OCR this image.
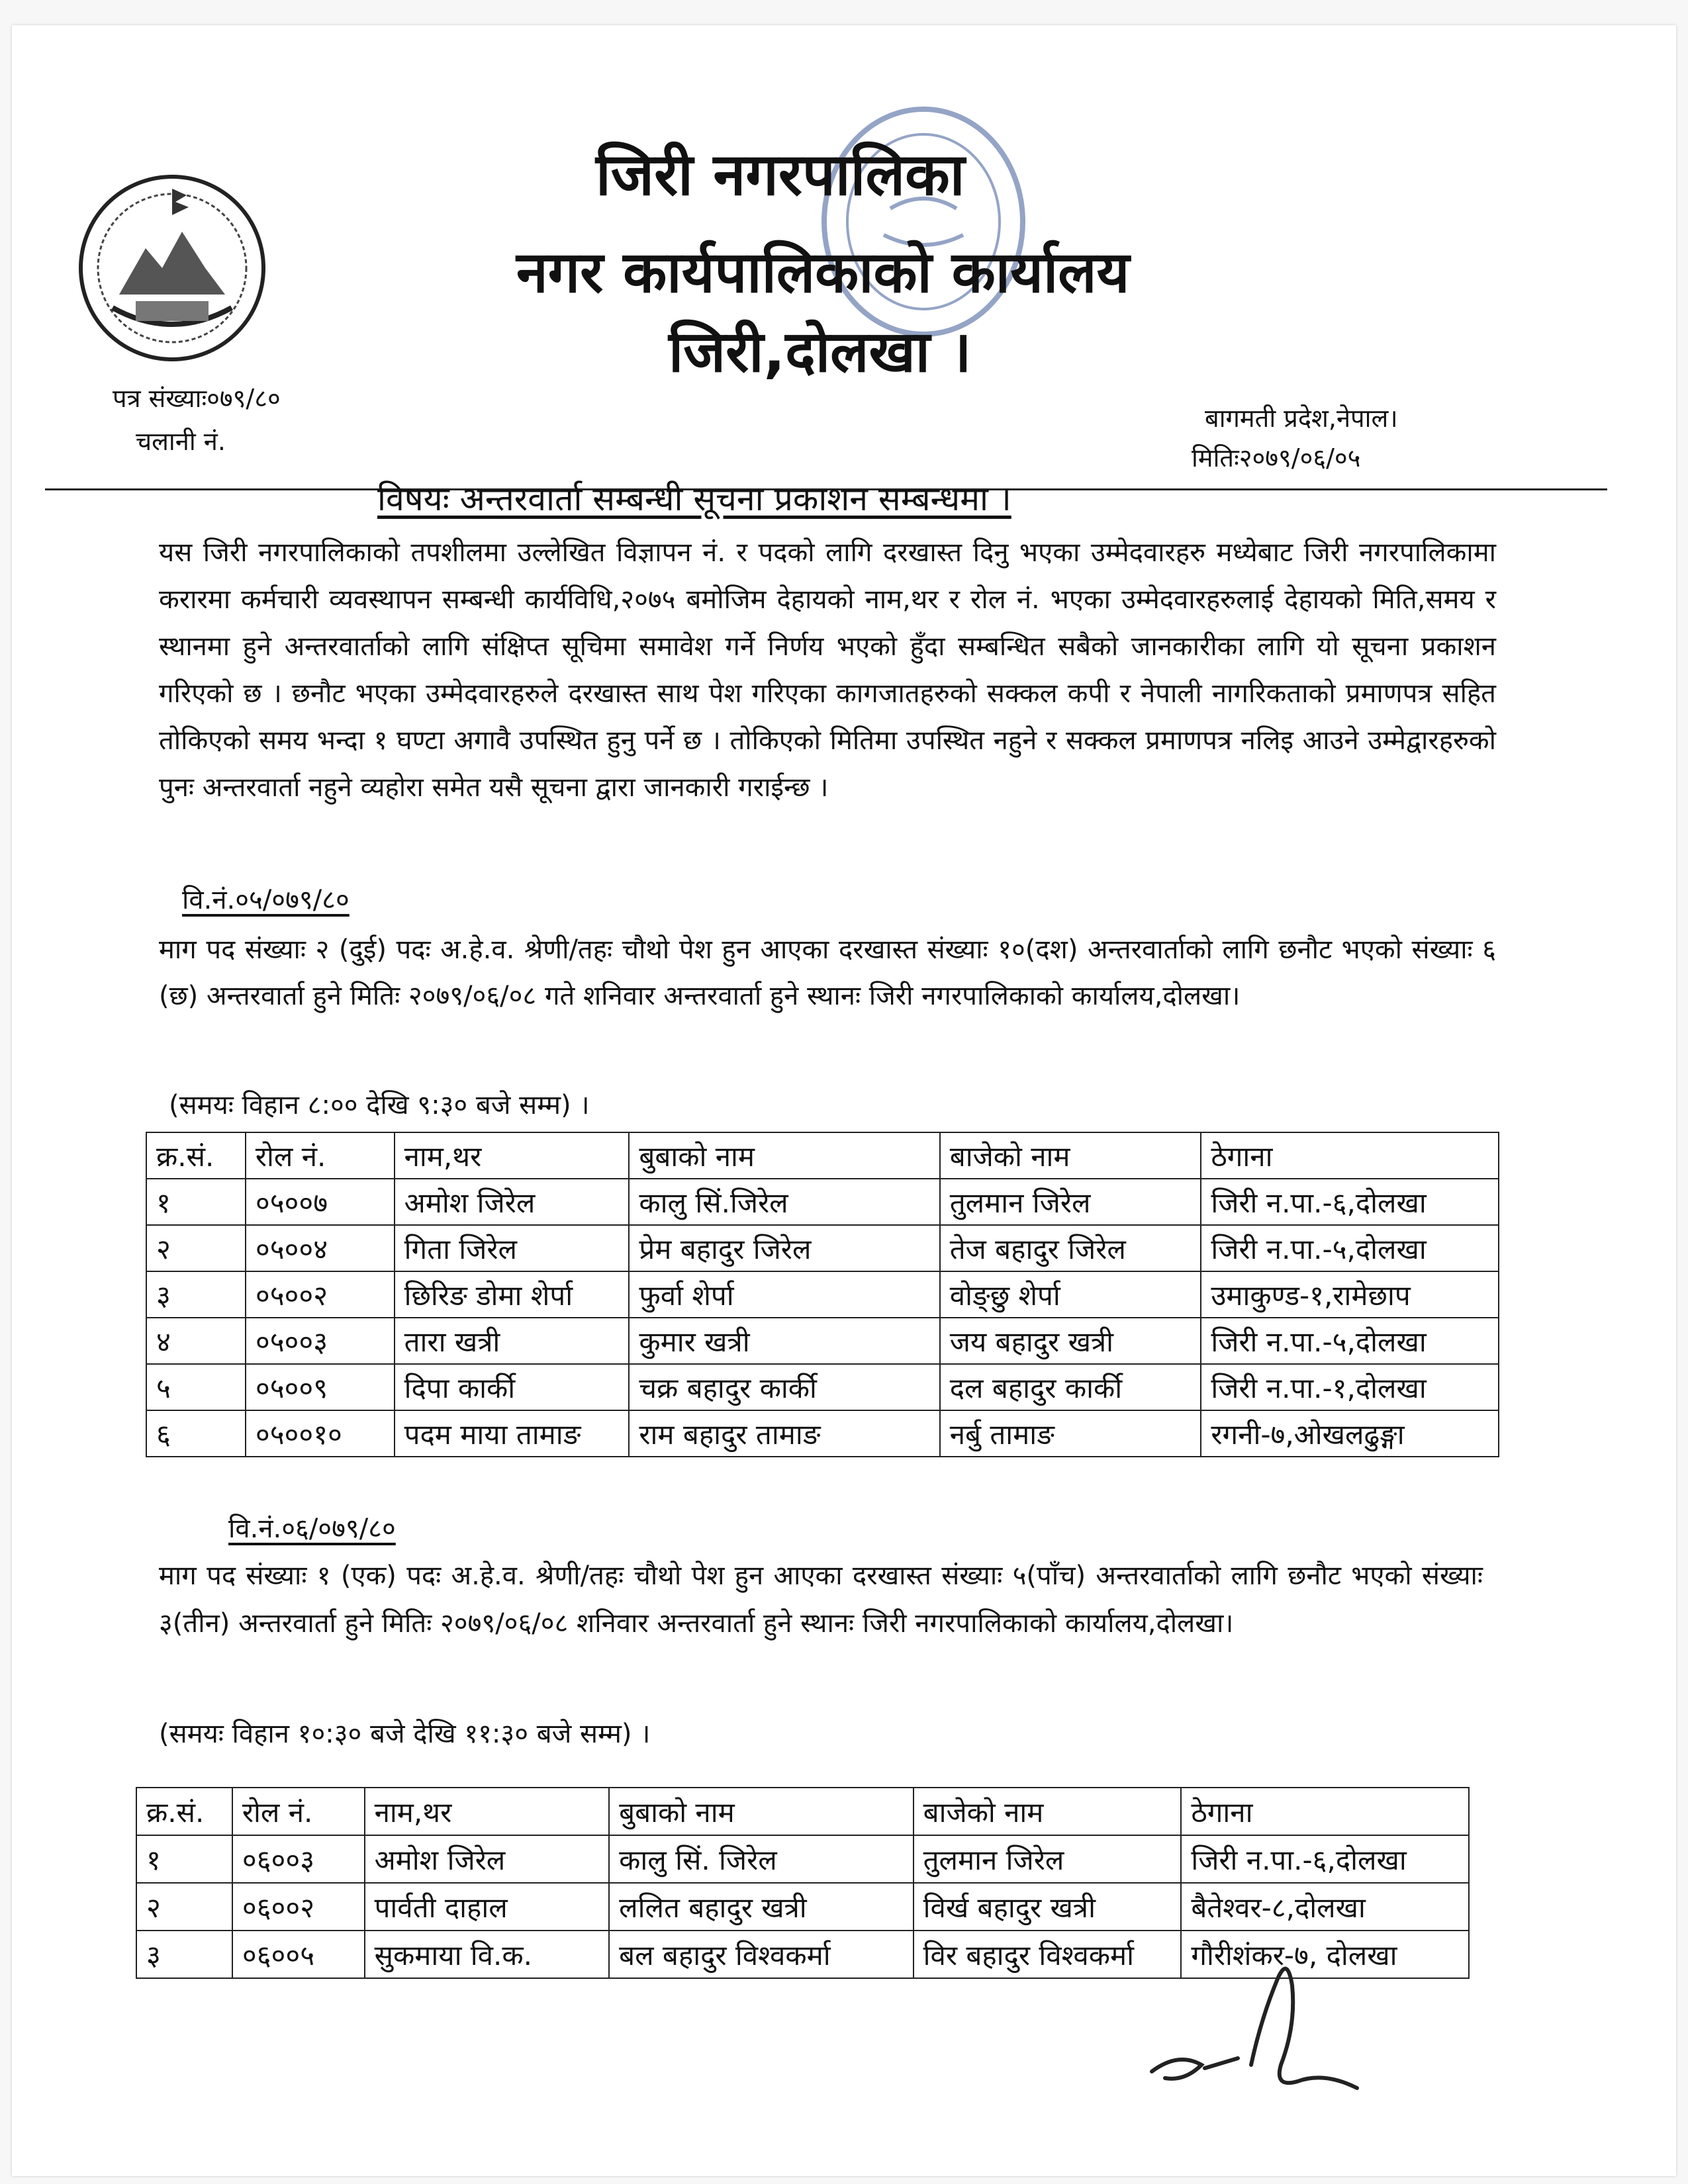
जिरी नगरपालिका
नगर कार्यपालिकाको कार्यालय
जिरी,दोलखा ।
पत्र संख्याः०७९/८०
चलानी नं.
बागमती प्रदेश,नेपाल।
मितिः२०७९/०६/०५
विषयः अन्तरवार्ता सम्बन्धी सूचना प्रकाशन सम्बन्धमा ।
यस जिरी नगरपालिकाको तपशीलमा उल्लेखित विज्ञापन नं. र पदको लागि दरखास्त दिनु भएका उम्मेदवारहरु मध्येबाट जिरी नगरपालिकामा करारमा कर्मचारी व्यवस्थापन सम्बन्धी कार्यविधि,२०७५ बमोजिम देहायको नाम,थर र रोल नं. भएका उम्मेदवारहरुलाई देहायको मिति,समय र स्थानमा हुने अन्तरवार्ताको लागि संक्षिप्त सूचिमा समावेश गर्ने निर्णय भएको हुँदा सम्बन्धित सबैको जानकारीका लागि यो सूचना प्रकाशन गरिएको छ । छनौट भएका उम्मेदवारहरुले दरखास्त साथ पेश गरिएका कागजातहरुको सक्कल कपी र नेपाली नागरिकताको प्रमाणपत्र सहित तोकिएको समय भन्दा १ घण्टा अगावै उपस्थित हुनु पर्ने छ । तोकिएको मितिमा उपस्थित नहुने र सक्कल प्रमाणपत्र नलिइ आउने उम्मेद्वारहरुको पुनः अन्तरवार्ता नहुने व्यहोरा समेत यसै सूचना द्वारा जानकारी गराईन्छ ।
वि.नं.०५/०७९/८०
माग पद संख्याः २ (दुई) पदः अ.हे.व. श्रेणी/तहः चौथो पेश हुन आएका दरखास्त संख्याः १०(दश) अन्तरवार्ताको लागि छनौट भएको संख्याः ६ (छ) अन्तरवार्ता हुने मितिः २०७९/०६/०८ गते शनिवार अन्तरवार्ता हुने स्थानः जिरी नगरपालिकाको कार्यालय,दोलखा।
(समयः विहान ८:०० देखि ९:३० बजे सम्म) ।
क्र.सं.	रोल नं.	नाम,थर	बुबाको नाम	बाजेको नाम	ठेगाना
१	०५००७	अमोश जिरेल	कालु सिं.जिरेल	तुलमान जिरेल	जिरी न.पा.-६,दोलखा
२	०५००४	गिता जिरेल	प्रेम बहादुर जिरेल	तेज बहादुर जिरेल	जिरी न.पा.-५,दोलखा
३	०५००२	छिरिङ डोमा शेर्पा	फुर्वा शेर्पा	वोङ्छु शेर्पा	उमाकुण्ड-१,रामेछाप
४	०५००३	तारा खत्री	कुमार खत्री	जय बहादुर खत्री	जिरी न.पा.-५,दोलखा
५	०५००९	दिपा कार्की	चक्र बहादुर कार्की	दल बहादुर कार्की	जिरी न.पा.-१,दोलखा
६	०५००१०	पदम माया तामाङ	राम बहादुर तामाङ	नर्बु तामाङ	रगनी-७,ओखलढुङ्गा
वि.नं.०६/०७९/८०
माग पद संख्याः १ (एक) पदः अ.हे.व. श्रेणी/तहः चौथो पेश हुन आएका दरखास्त संख्याः ५(पाँच) अन्तरवार्ताको लागि छनौट भएको संख्याः ३(तीन) अन्तरवार्ता हुने मितिः २०७९/०६/०८ शनिवार अन्तरवार्ता हुने स्थानः जिरी नगरपालिकाको कार्यालय,दोलखा।
(समयः विहान १०:३० बजे देखि ११:३० बजे सम्म) ।
क्र.सं.	रोल नं.	नाम,थर	बुबाको नाम	बाजेको नाम	ठेगाना
१	०६००३	अमोश जिरेल	कालु सिं. जिरेल	तुलमान जिरेल	जिरी न.पा.-६,दोलखा
२	०६००२	पार्वती दाहाल	ललित बहादुर खत्री	विर्ख बहादुर खत्री	बैतेश्वर-८,दोलखा
३	०६००५	सुकमाया वि.क.	बल बहादुर विश्वकर्मा	विर बहादुर विश्वकर्मा	गौरीशंकर-७, दोलखा
